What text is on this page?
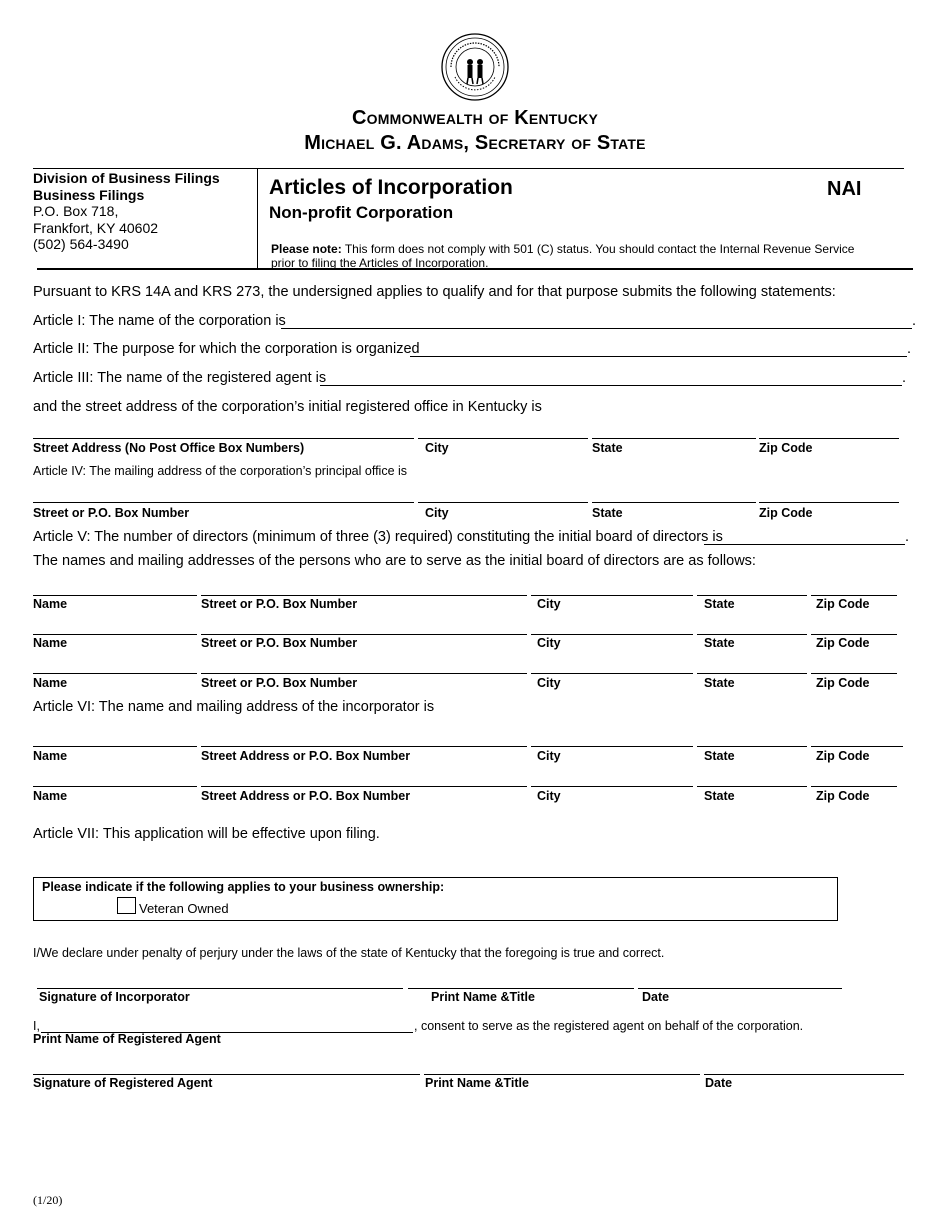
Commonwealth of Kentucky
Michael G. Adams, Secretary of State
Division of Business Filings
Business Filings
P.O. Box 718,
Frankfort, KY 40602
(502) 564-3490
Articles of Incorporation
Non-profit Corporation
NAI
Please note: This form does not comply with 501 (C) status. You should contact the Internal Revenue Service prior to filing the Articles of Incorporation.
Pursuant to KRS 14A and KRS 273, the undersigned applies to qualify and for that purpose submits the following statements:
Article I: The name of the corporation is	.
Article II: The purpose for which the corporation is organized	.
Article III: The name of the registered agent is	.
and the street address of the corporation’s initial registered office in Kentucky is
Street Address (No Post Office Box Numbers)	City	State	Zip Code
Article IV: The mailing address of the corporation’s principal office is
Street or P.O. Box Number	City	State	Zip Code
Article V: The number of directors (minimum of three (3) required) constituting the initial board of directors is	.
The names and mailing addresses of the persons who are to serve as the initial board of directors are as follows:
Name	Street or P.O. Box Number	City	State	Zip Code
Name	Street or P.O. Box Number	City	State	Zip Code
Name	Street or P.O. Box Number	City	State	Zip Code
Article VI: The name and mailing address of the incorporator is
Name	Street Address or P.O. Box Number	City	State	Zip Code
Name	Street Address or P.O. Box Number	City	State	Zip Code
Article VII: This application will be effective upon filing.
Please indicate if the following applies to your business ownership:
Veteran Owned
I/We declare under penalty of perjury under the laws of the state of Kentucky that the foregoing is true and correct.
Signature of Incorporator	Print Name &Title	Date
I,	, consent to serve as the registered agent on behalf of the corporation.
Print Name of Registered Agent
Signature of Registered Agent	Print Name &Title	Date
(1/20)
